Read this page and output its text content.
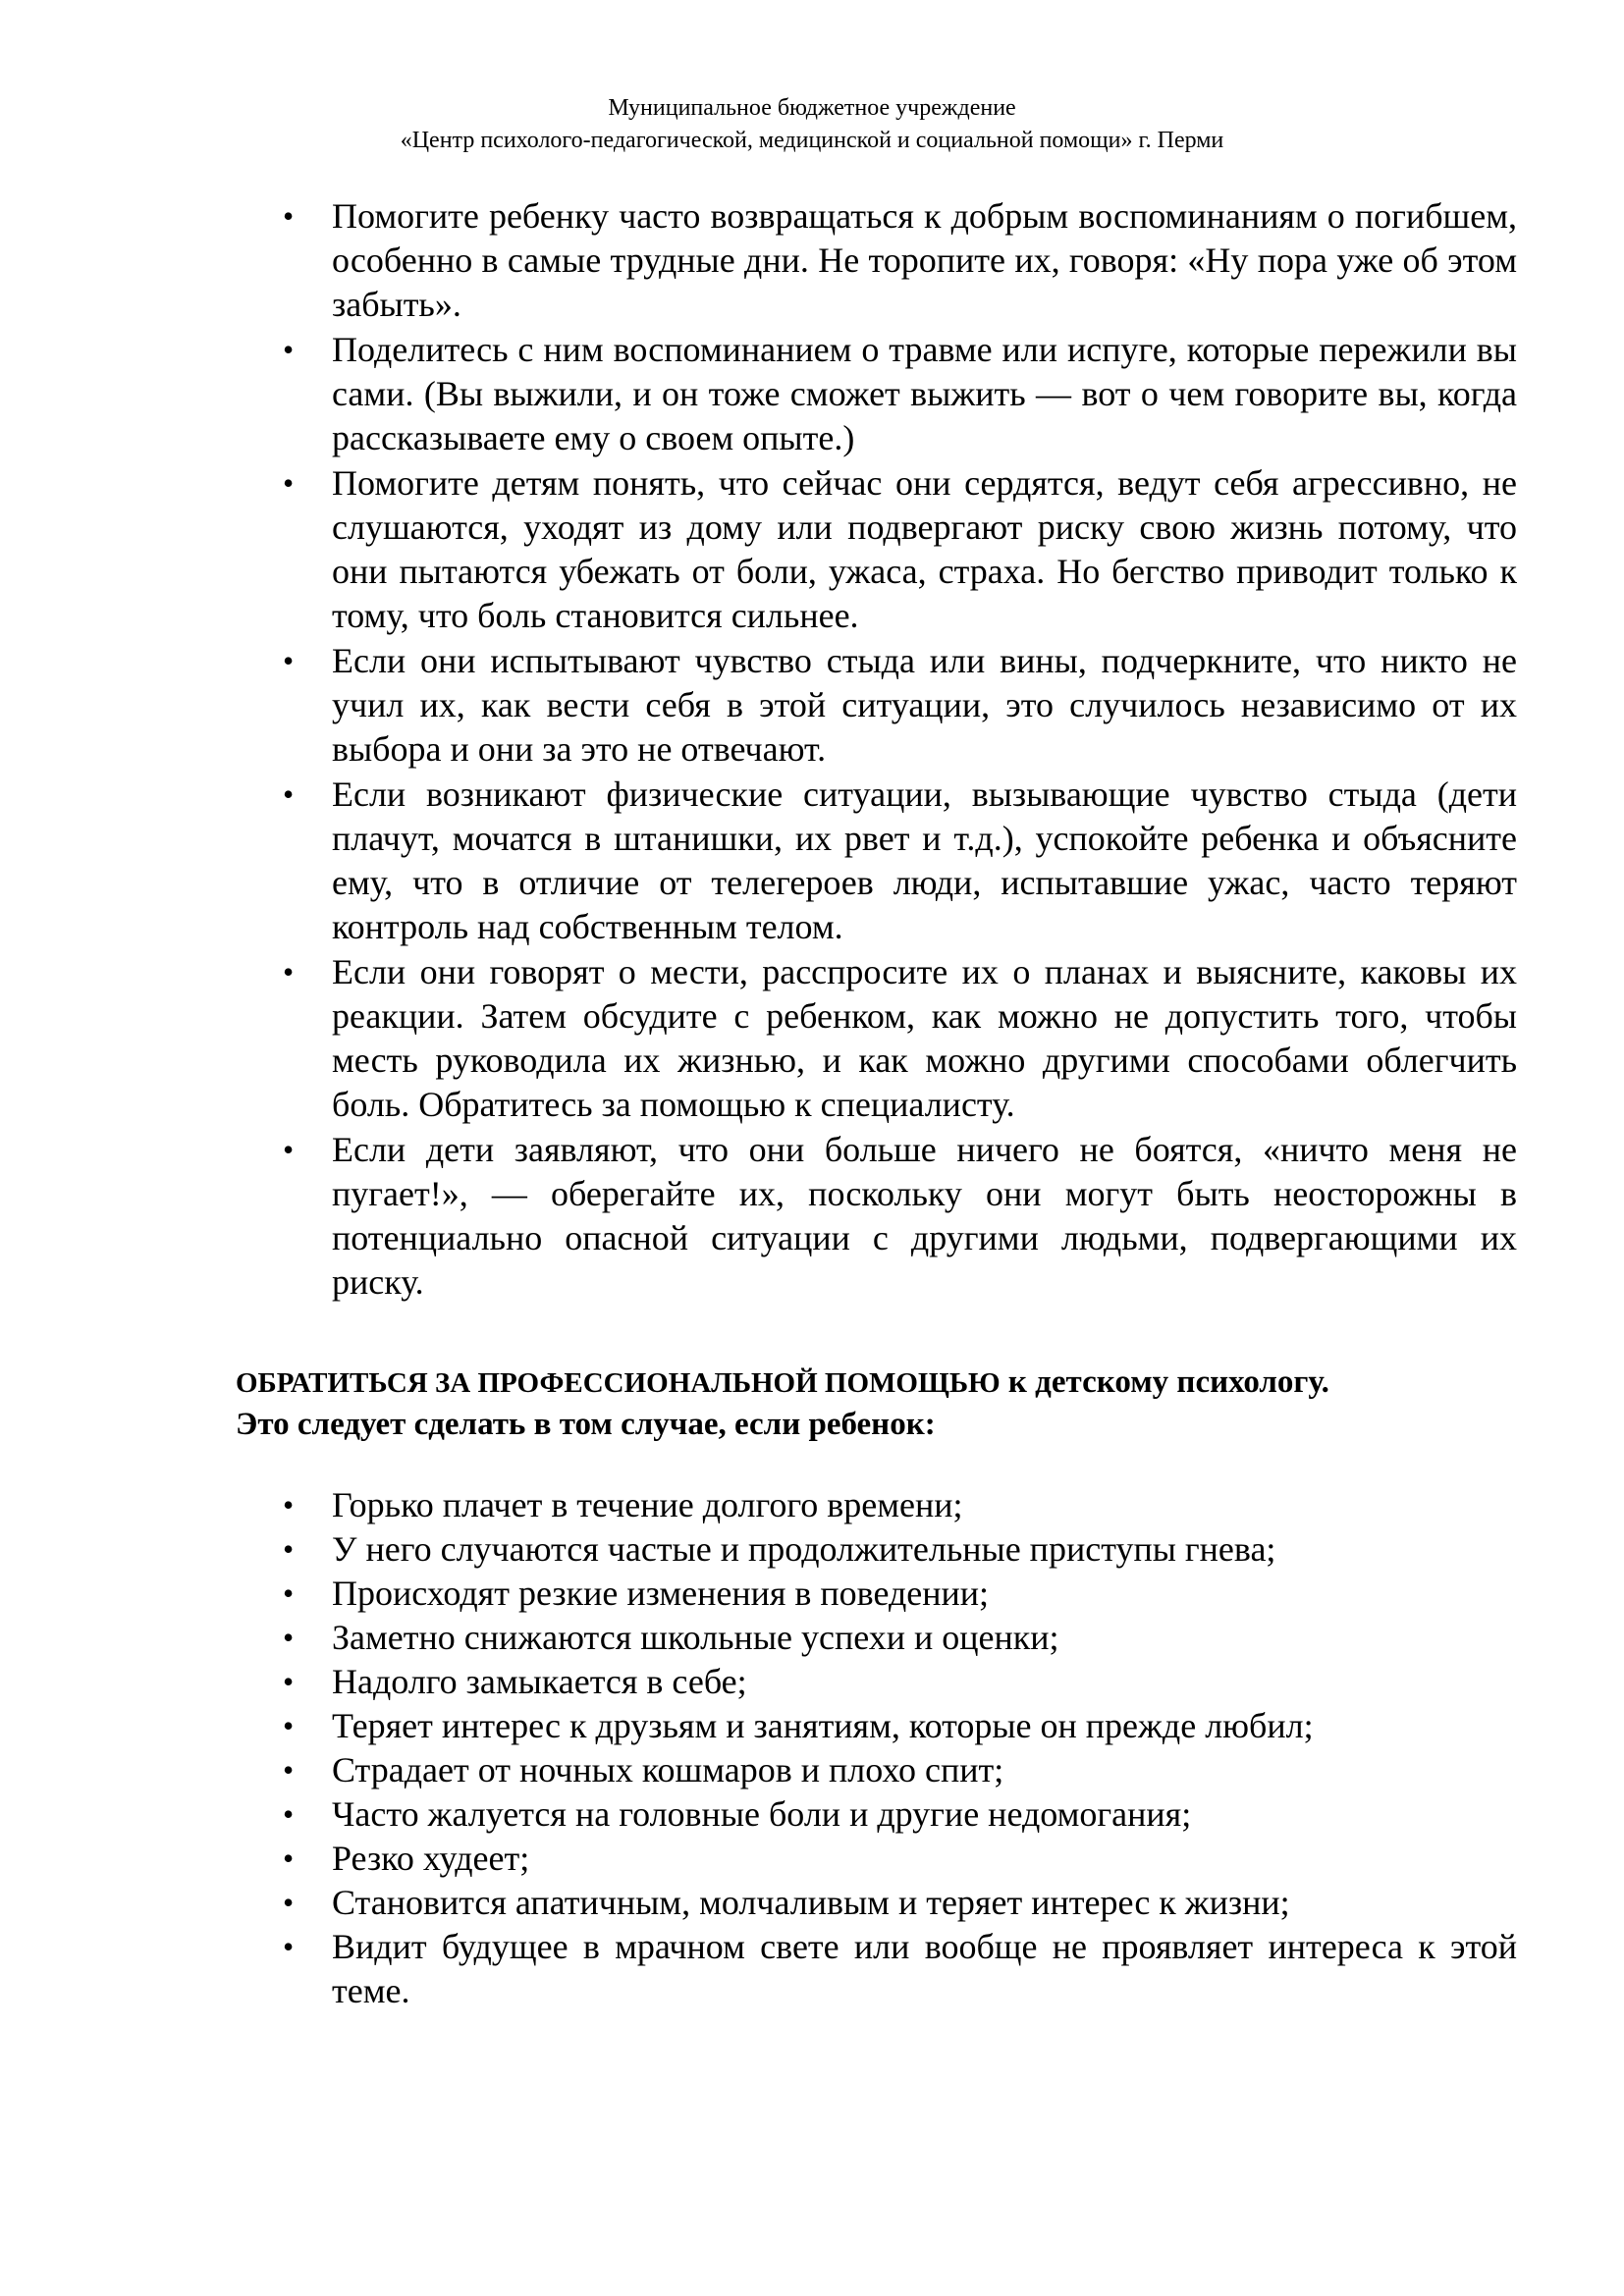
Муниципальное бюджетное учреждение
«Центр психолого-педагогической, медицинской и социальной помощи» г. Перми
•	Помогите ребенку часто возвращаться к добрым воспоминаниям о погибшем, особенно в самые трудные дни. Не торопите их, говоря: «Ну пора уже об этом забыть».
•	Поделитесь с ним воспоминанием о травме или испуге, которые пережили вы сами. (Вы выжили, и он тоже сможет выжить — вот о чем говорите вы, когда рассказываете ему о своем опыте.)
•	Помогите детям понять, что сейчас они сердятся, ведут себя агрессивно, не слушаются, уходят из дому или подвергают риску свою жизнь потому, что они пытаются убежать от боли, ужаса, страха. Но бегство приводит только к тому, что боль становится сильнее.
•	Если они испытывают чувство стыда или вины, подчеркните, что никто не учил их, как вести себя в этой ситуации, это случилось независимо от их выбора и они за это не отвечают.
•	Если возникают физические ситуации, вызывающие чувство стыда (дети плачут, мочатся в штанишки, их рвет и т.д.), успокойте ребенка и объясните ему, что в отличие от телегероев люди, испытавшие ужас, часто теряют контроль над собственным телом.
•	Если они говорят о мести, расспросите их о планах и выясните, каковы их реакции. Затем обсудите с ребенком, как можно не допустить того, чтобы месть руководила их жизнью, и как можно другими способами облегчить боль. Обратитесь за помощью к специалисту.
•	Если дети заявляют, что они больше ничего не боятся, «ничто меня не пугает!», — оберегайте их, поскольку они могут быть неосторожны в потенциально опасной ситуации с другими людьми, подвергающими их риску.
ОБРАТИТЬСЯ ЗА ПРОФЕССИОНАЛЬНОЙ ПОМОЩЬЮ к детскому психологу.
Это следует сделать в том случае, если ребенок:
•	Горько плачет в течение долгого времени;
•	У него случаются частые и продолжительные приступы гнева;
•	Происходят резкие изменения в поведении;
•	Заметно снижаются школьные успехи и оценки;
•	Надолго замыкается в себе;
•	Теряет интерес к друзьям и занятиям, которые он прежде любил;
•	Страдает от ночных кошмаров и плохо спит;
•	Часто жалуется на головные боли и другие недомогания;
•	Резко худеет;
•	Становится апатичным, молчаливым и теряет интерес к жизни;
•	Видит будущее в мрачном свете или вообще не проявляет интереса к этой теме.
